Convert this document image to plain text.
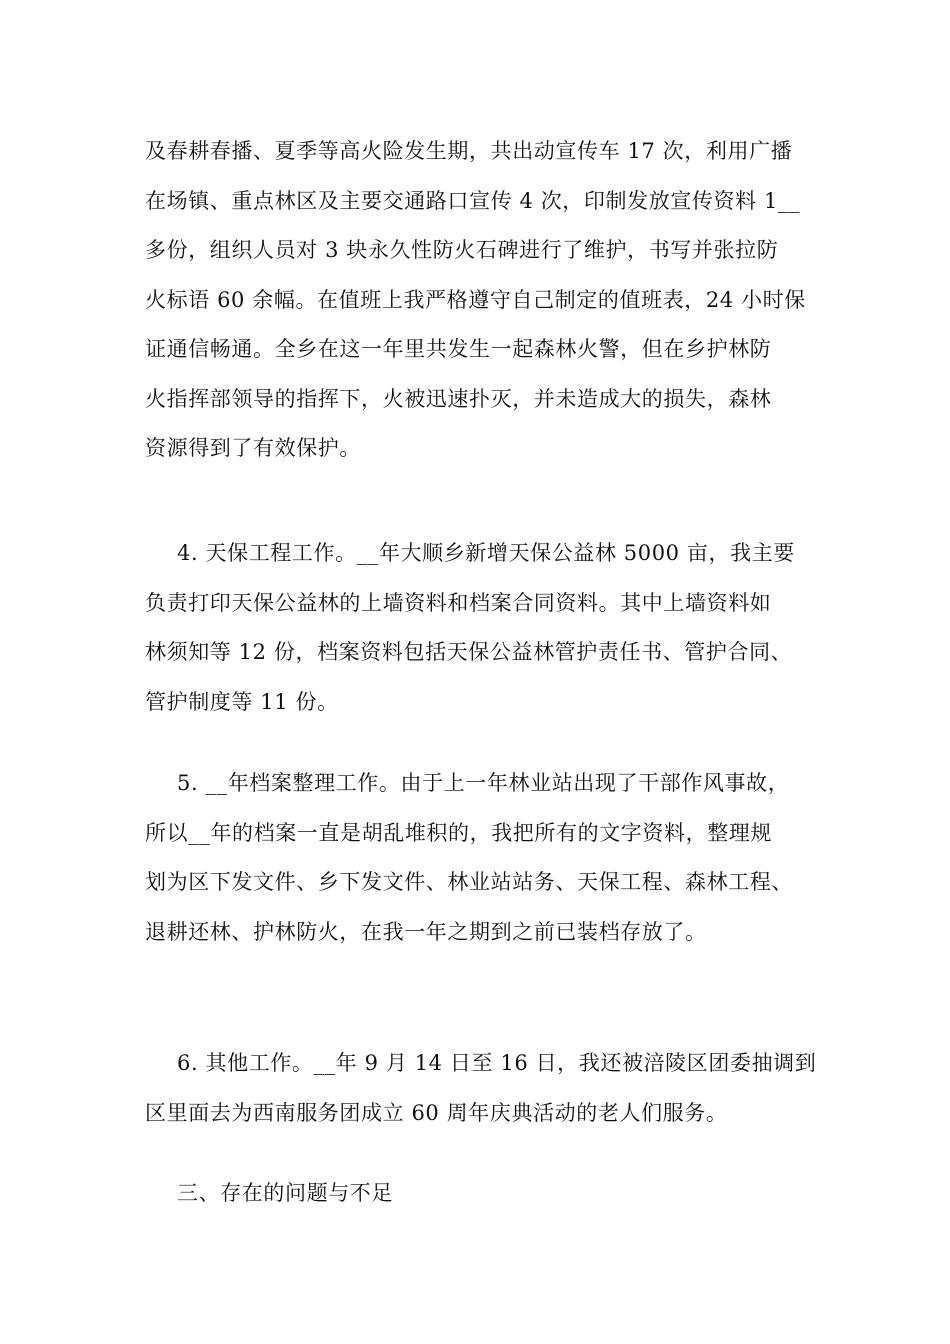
及春耕春播、夏季等高火险发生期，共出动宣传车 17 次，利用广播
在场镇、重点林区及主要交通路口宣传 4 次，印制发放宣传资料 1__
多份，组织人员对 3 块永久性防火石碑进行了维护，书写并张拉防
火标语 60 余幅。在值班上我严格遵守自己制定的值班表，24 小时保
证通信畅通。全乡在这一年里共发生一起森林火警，但在乡护林防
火指挥部领导的指挥下，火被迅速扑灭，并未造成大的损失，森林
资源得到了有效保护。
4. 天保工程工作。__年大顺乡新增天保公益林 5000 亩，我主要
负责打印天保公益林的上墙资料和档案合同资料。其中上墙资料如
林须知等 12 份，档案资料包括天保公益林管护责任书、管护合同、
管护制度等 11 份。
5. __年档案整理工作。由于上一年林业站出现了干部作风事故，
所以__年的档案一直是胡乱堆积的，我把所有的文字资料，整理规
划为区下发文件、乡下发文件、林业站站务、天保工程、森林工程、
退耕还林、护林防火，在我一年之期到之前已装档存放了。
6. 其他工作。__年 9 月 14 日至 16 日，我还被涪陵区团委抽调到
区里面去为西南服务团成立 60 周年庆典活动的老人们服务。
三、存在的问题与不足
